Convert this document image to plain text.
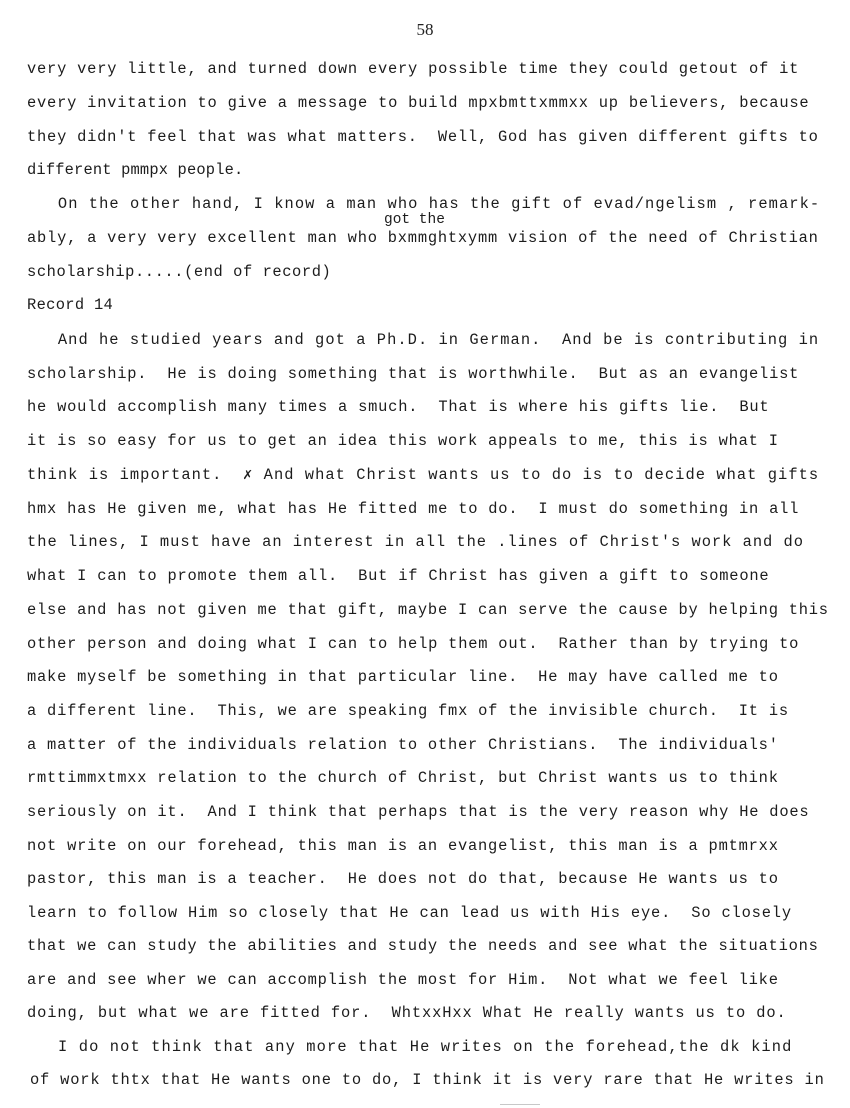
58
got the
very very little, and turned down every possible time they could getout of it
every invitation to give a message to build mpxbmttxmmxx up believers, because
they didn't feel that was what matters.  Well, God has given different gifts to
different pmmpx people.
On the other hand, I know a man who has the gift of evad/ngelism , remark-
ably, a very very excellent man who bxmmghtxymm vision of the need of Christian
scholarship.....(end of record)
Record 14
And he studied years and got a Ph.D. in German.  And be is contributing in
scholarship.  He is doing something that is worthwhile.  But as an evangelist
he would accomplish many times a smuch.  That is where his gifts lie.  But
it is so easy for us to get an idea this work appeals to me, this is what I
think is important.  ✗ And what Christ wants us to do is to decide what gifts
hmx has He given me, what has He fitted me to do.  I must do something in all
the lines, I must have an interest in all the .lines of Christ's work and do
what I can to promote them all.  But if Christ has given a gift to someone
else and has not given me that gift, maybe I can serve the cause by helping this
other person and doing what I can to help them out.  Rather than by trying to
make myself be something in that particular line.  He may have called me to
a different line.  This, we are speaking fmx of the invisible church.  It is
a matter of the individuals relation to other Christians.  The individuals'
rmttimmxtmxx relation to the church of Christ, but Christ wants us to think
seriously on it.  And I think that perhaps that is the very reason why He does
not write on our forehead, this man is an evangelist, this man is a pmtmrxx
pastor, this man is a teacher.  He does not do that, because He wants us to
learn to follow Him so closely that He can lead us with His eye.  So closely
that we can study the abilities and study the needs and see what the situations
are and see wher we can accomplish the most for Him.  Not what we feel like
doing, but what we are fitted for.  WhtxxHxx What He really wants us to do.
I do not think that any more that He writes on the forehead,the dk kind
of work thtx that He wants one to do, I think it is very rare that He writes in
